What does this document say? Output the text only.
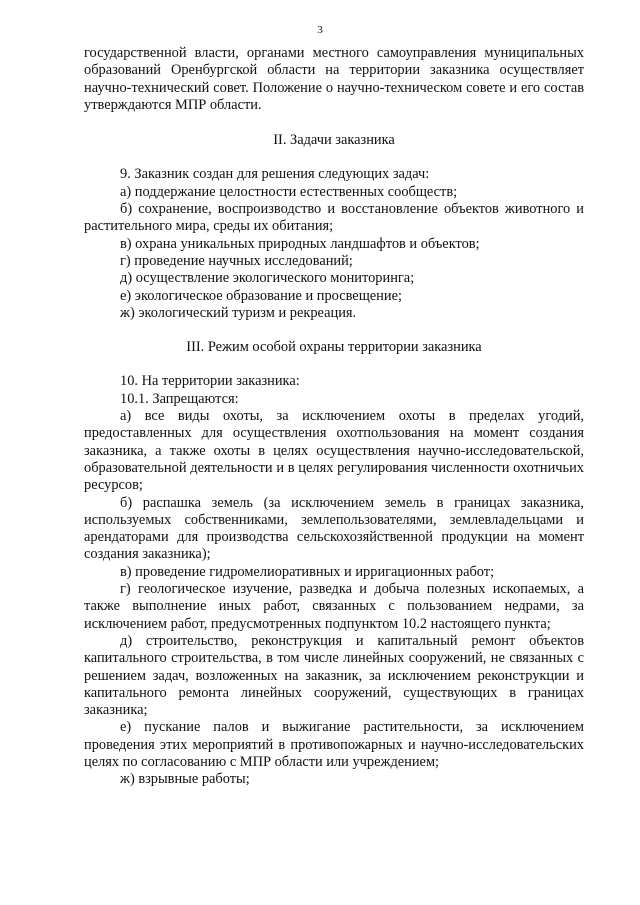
3

государственной власти, органами местного самоуправления муниципальных образований Оренбургской области на территории заказника осуществляет научно-технический совет. Положение о научно-техническом совете и его состав утверждаются МПР области.

II. Задачи заказника

9. Заказник создан для решения следующих задач:

а) поддержание целостности естественных сообществ;

б) сохранение, воспроизводство и восстановление объектов животного и растительного мира, среды их обитания;

в) охрана уникальных природных ландшафтов и объектов;

г) проведение научных исследований;

д) осуществление экологического мониторинга;

е) экологическое образование и просвещение;

ж) экологический туризм и рекреация.

III. Режим особой охраны территории заказника

10. На территории заказника:

10.1. Запрещаются:

а) все виды охоты, за исключением охоты в пределах угодий, предоставленных для осуществления охотпользования на момент создания заказника, а также охоты в целях осуществления научно-исследовательской, образовательной деятельности и в целях регулирования численности охотничьих ресурсов;

б) распашка земель (за исключением земель в границах заказника, используемых собственниками, землепользователями, землевладельцами и арендаторами для производства сельскохозяйственной продукции на момент создания заказника);

в) проведение гидромелиоративных и ирригационных работ;

г) геологическое изучение, разведка и добыча полезных ископаемых, а также выполнение иных работ, связанных с пользованием недрами, за исключением работ, предусмотренных подпунктом 10.2 настоящего пункта;

д) строительство, реконструкция и капитальный ремонт объектов капитального строительства, в том числе линейных сооружений, не связанных с решением задач, возложенных на заказник, за исключением реконструкции и капитального ремонта линейных сооружений, существующих в границах заказника;

е) пускание палов и выжигание растительности, за исключением проведения этих мероприятий в противопожарных и научно-исследовательских целях по согласованию с МПР области или учреждением;

ж) взрывные работы;
